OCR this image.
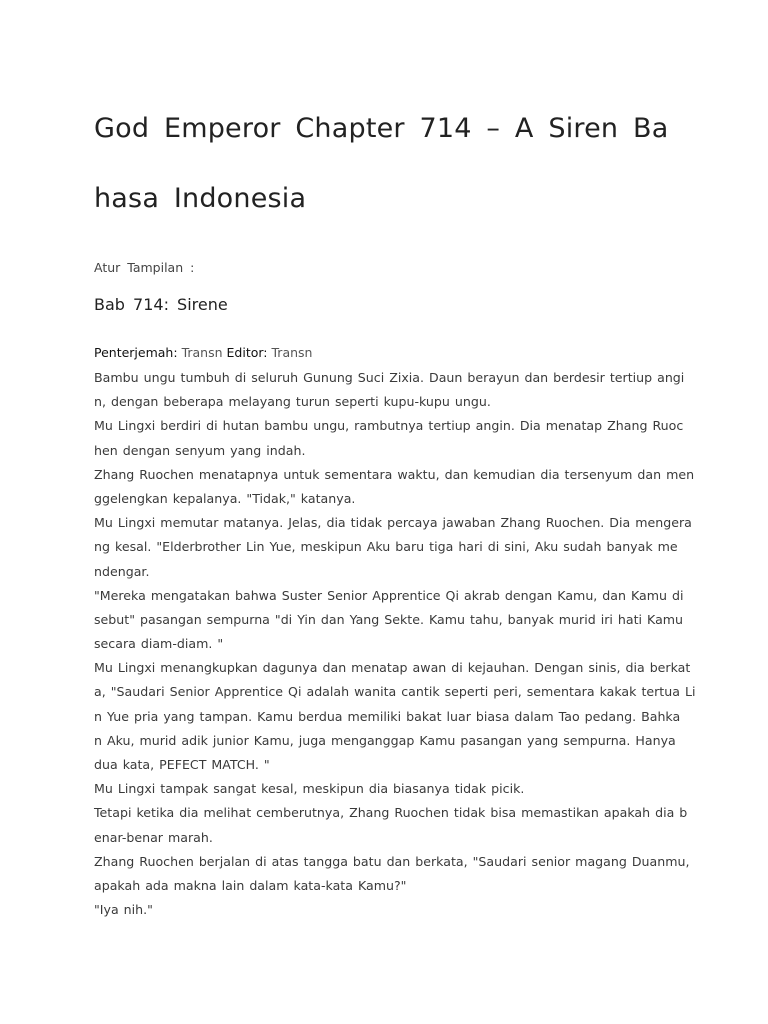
God Emperor Chapter 714 – A Siren Ba
hasa Indonesia
Atur Tampilan :
Bab 714: Sirene
Penterjemah: Transn Editor: Transn
Bambu ungu tumbuh di seluruh Gunung Suci Zixia. Daun berayun dan berdesir tertiup angi
n, dengan beberapa melayang turun seperti kupu-kupu ungu.
Mu Lingxi berdiri di hutan bambu ungu, rambutnya tertiup angin. Dia menatap Zhang Ruoc
hen dengan senyum yang indah.
Zhang Ruochen menatapnya untuk sementara waktu, dan kemudian dia tersenyum dan men
ggelengkan kepalanya. "Tidak," katanya.
Mu Lingxi memutar matanya. Jelas, dia tidak percaya jawaban Zhang Ruochen. Dia mengera
ng kesal. "Elderbrother Lin Yue, meskipun Aku baru tiga hari di sini, Aku sudah banyak me
ndengar.
"Mereka mengatakan bahwa Suster Senior Apprentice Qi akrab dengan Kamu, dan Kamu di
sebut" pasangan sempurna "di Yin dan Yang Sekte. Kamu tahu, banyak murid iri hati Kamu
secara diam-diam. "
Mu Lingxi menangkupkan dagunya dan menatap awan di kejauhan. Dengan sinis, dia berkat
a, "Saudari Senior Apprentice Qi adalah wanita cantik seperti peri, sementara kakak tertua Li
n Yue pria yang tampan. Kamu berdua memiliki bakat luar biasa dalam Tao pedang. Bahka
n Aku, murid adik junior Kamu, juga menganggap Kamu pasangan yang sempurna. Hanya
dua kata, PEFECT MATCH. "
Mu Lingxi tampak sangat kesal, meskipun dia biasanya tidak picik.
Tetapi ketika dia melihat cemberutnya, Zhang Ruochen tidak bisa memastikan apakah dia b
enar-benar marah.
Zhang Ruochen berjalan di atas tangga batu dan berkata, "Saudari senior magang Duanmu,
apakah ada makna lain dalam kata-kata Kamu?"
"Iya nih."
